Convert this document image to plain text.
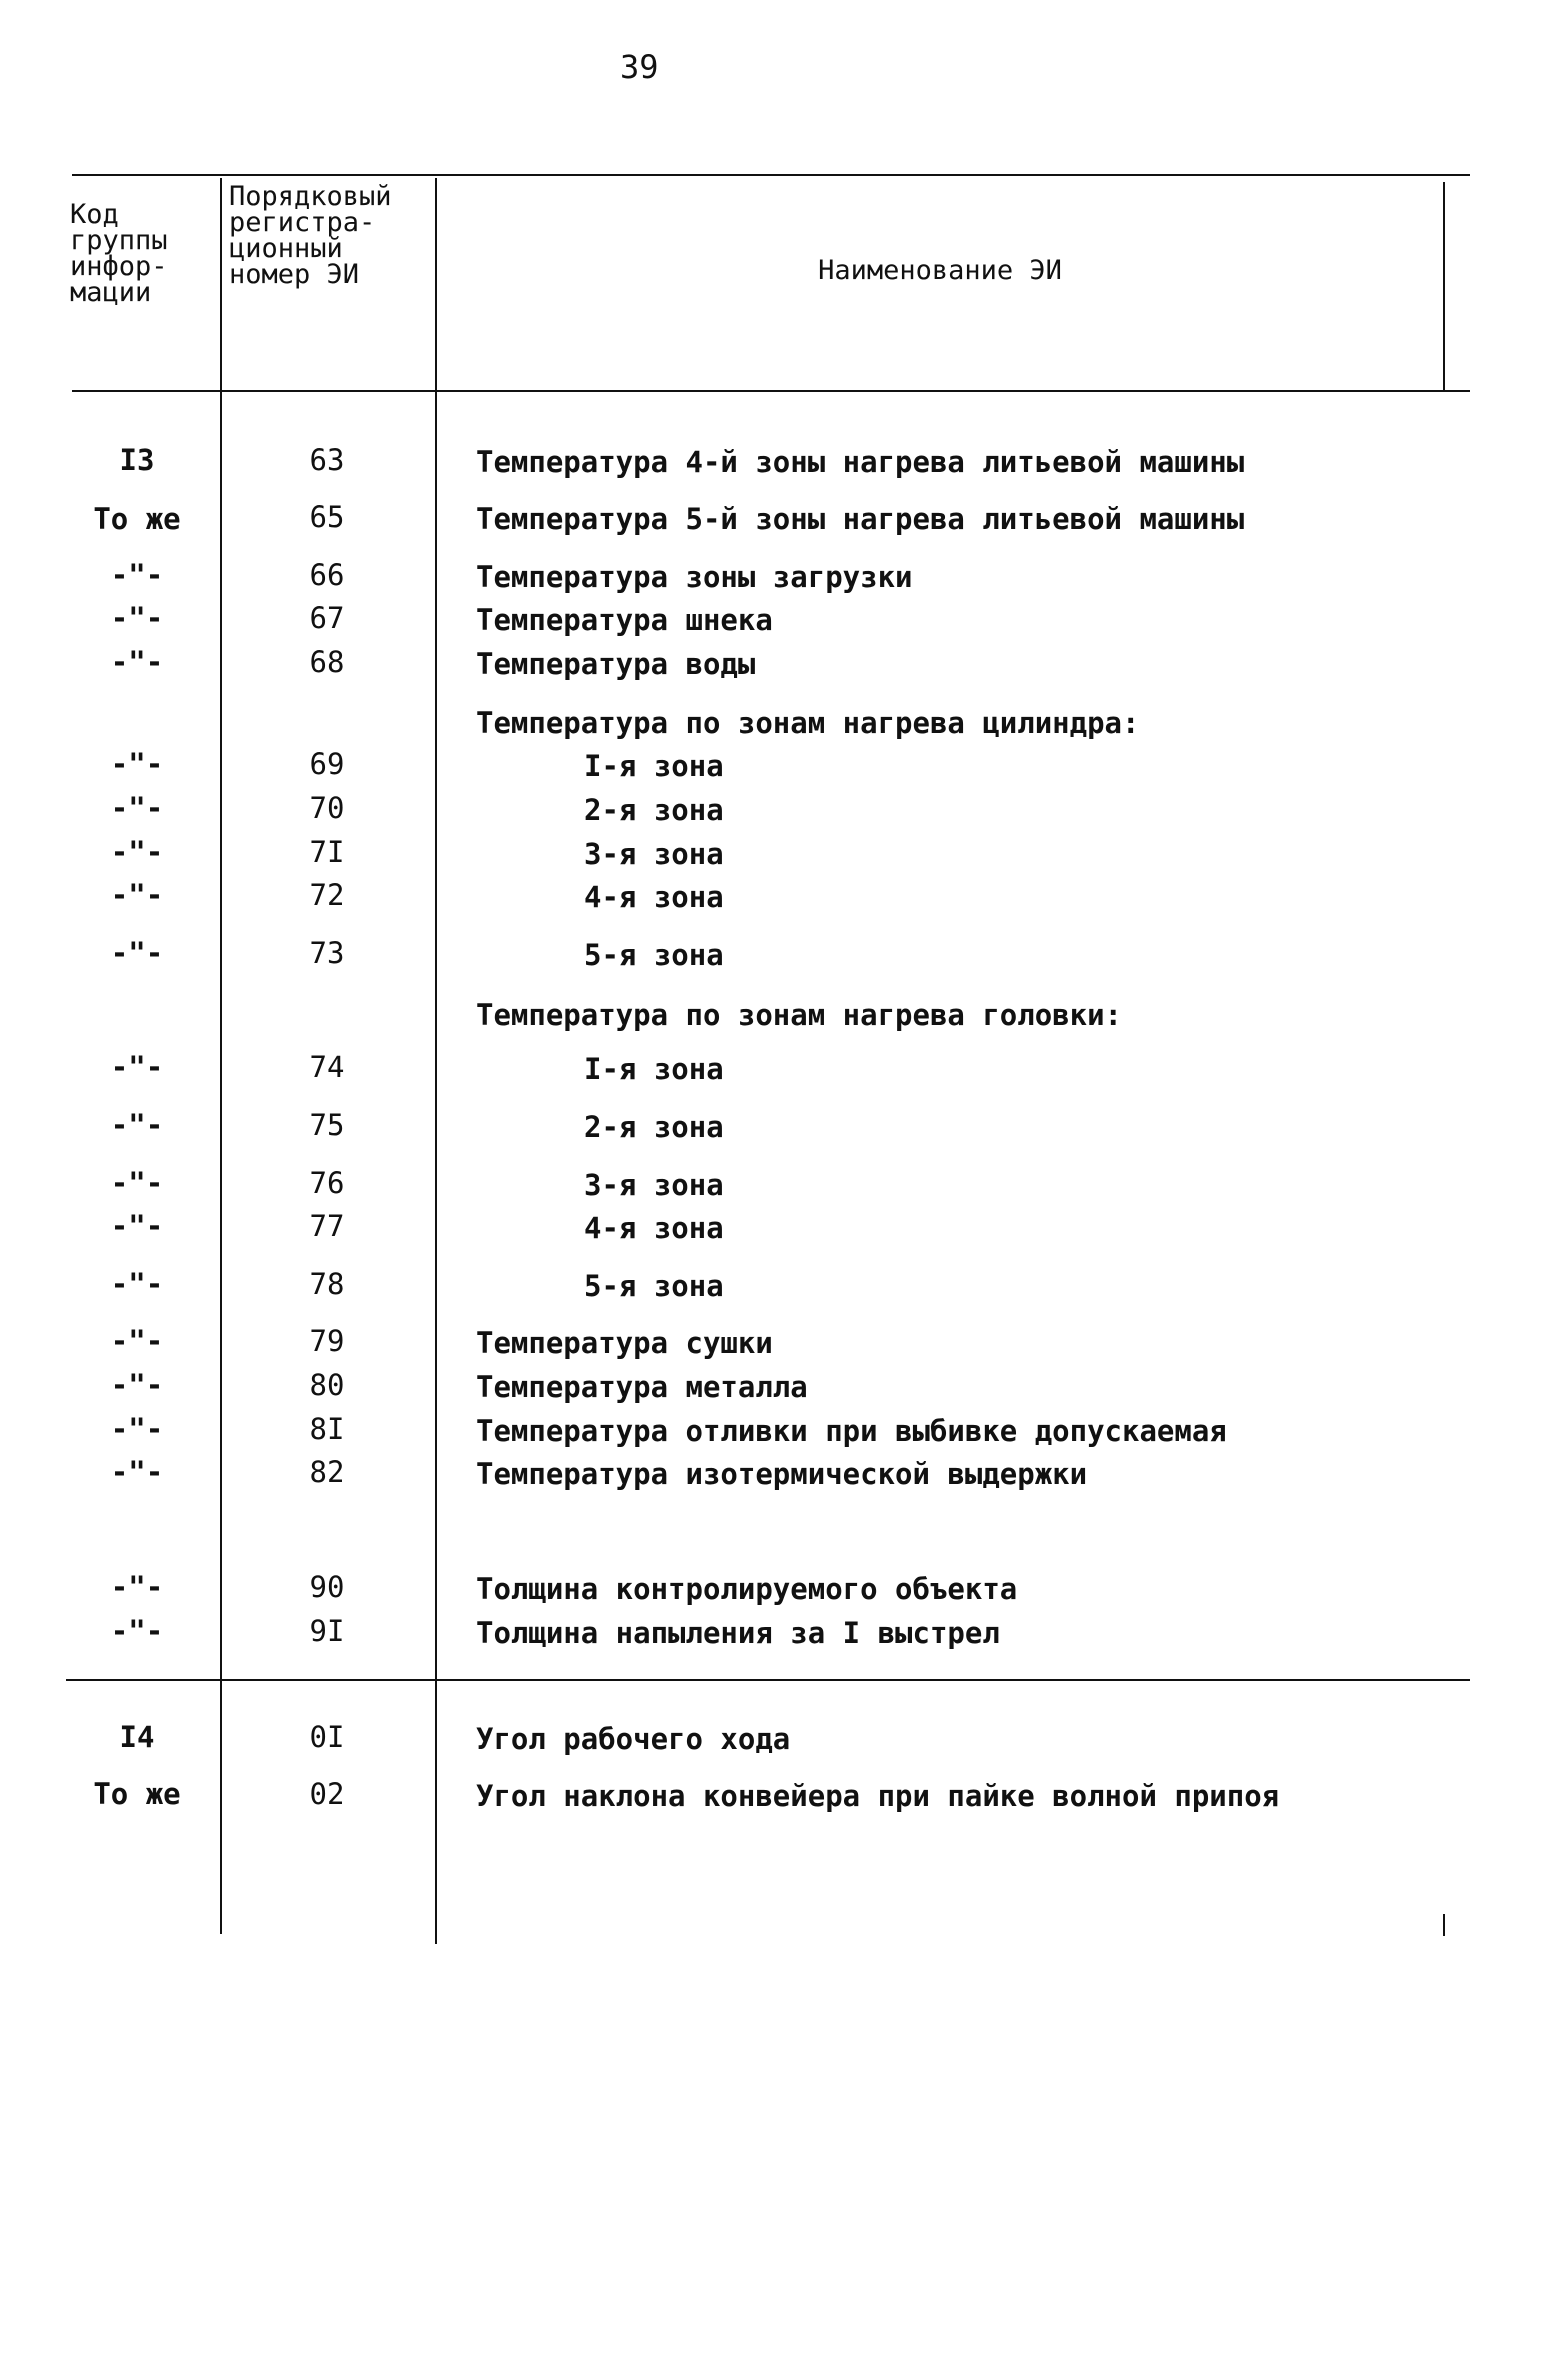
39
Код группы инфор-мации
Порядковый регистра-ционный номер ЭИ	Наименование ЭИ
I3	63	Температура 4-й зоны нагрева литьевой машины
То же	65	Температура 5-й зоны нагрева литьевой машины
-"-	66	Температура зоны загрузки
-"-	67	Температура шнека
-"-	68	Температура воды
Температура по зонам нагрева цилиндра:
-"-	69	I-я зона
-"-	70	2-я зона
-"-	7I	3-я зона
-"-	72	4-я зона
-"-	73	5-я зона
Температура по зонам нагрева головки:
-"-	74	I-я зона
-"-	75	2-я зона
-"-	76	3-я зона
-"-	77	4-я зона
-"-	78	5-я зона
-"-	79	Температура сушки
-"-	80	Температура металла
-"-	8I	Температура отливки при выбивке допускаемая
-"-	82	Температура изотермической выдержки
-"-	90	Толщина контролируемого объекта
-"-	9I	Толщина напыления за I выстрел
I4	0I	Угол рабочего хода
То же	02	Угол наклона конвейера при пайке волной припоя
